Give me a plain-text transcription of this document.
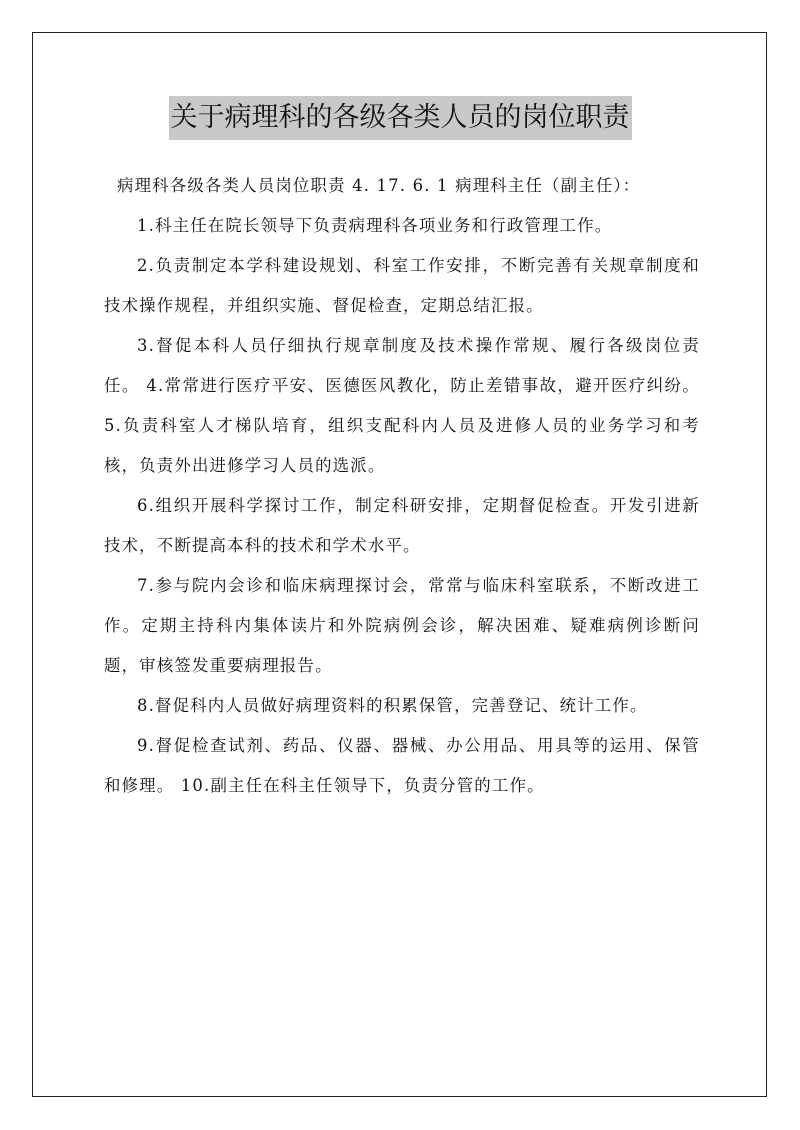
关于病理科的各级各类人员的岗位职责

病理科各级各类人员岗位职责 4. 17. 6. 1 病理科主任（副主任）：

1.科主任在院长领导下负责病理科各项业务和行政管理工作。

2.负责制定本学科建设规划、科室工作安排，不断完善有关规章制度和技术操作规程，并组织实施、督促检查，定期总结汇报。

3.督促本科人员仔细执行规章制度及技术操作常规、履行各级岗位责任。 4.常常进行医疗平安、医德医风教化，防止差错事故，避开医疗纠纷。 5.负责科室人才梯队培育，组织支配科内人员及进修人员的业务学习和考核，负责外出进修学习人员的选派。

6.组织开展科学探讨工作，制定科研安排，定期督促检查。开发引进新技术，不断提高本科的技术和学术水平。

7.参与院内会诊和临床病理探讨会，常常与临床科室联系，不断改进工作。定期主持科内集体读片和外院病例会诊，解决困难、疑难病例诊断问题，审核签发重要病理报告。

8.督促科内人员做好病理资料的积累保管，完善登记、统计工作。

9.督促检查试剂、药品、仪器、器械、办公用品、用具等的运用、保管和修理。 10.副主任在科主任领导下，负责分管的工作。
